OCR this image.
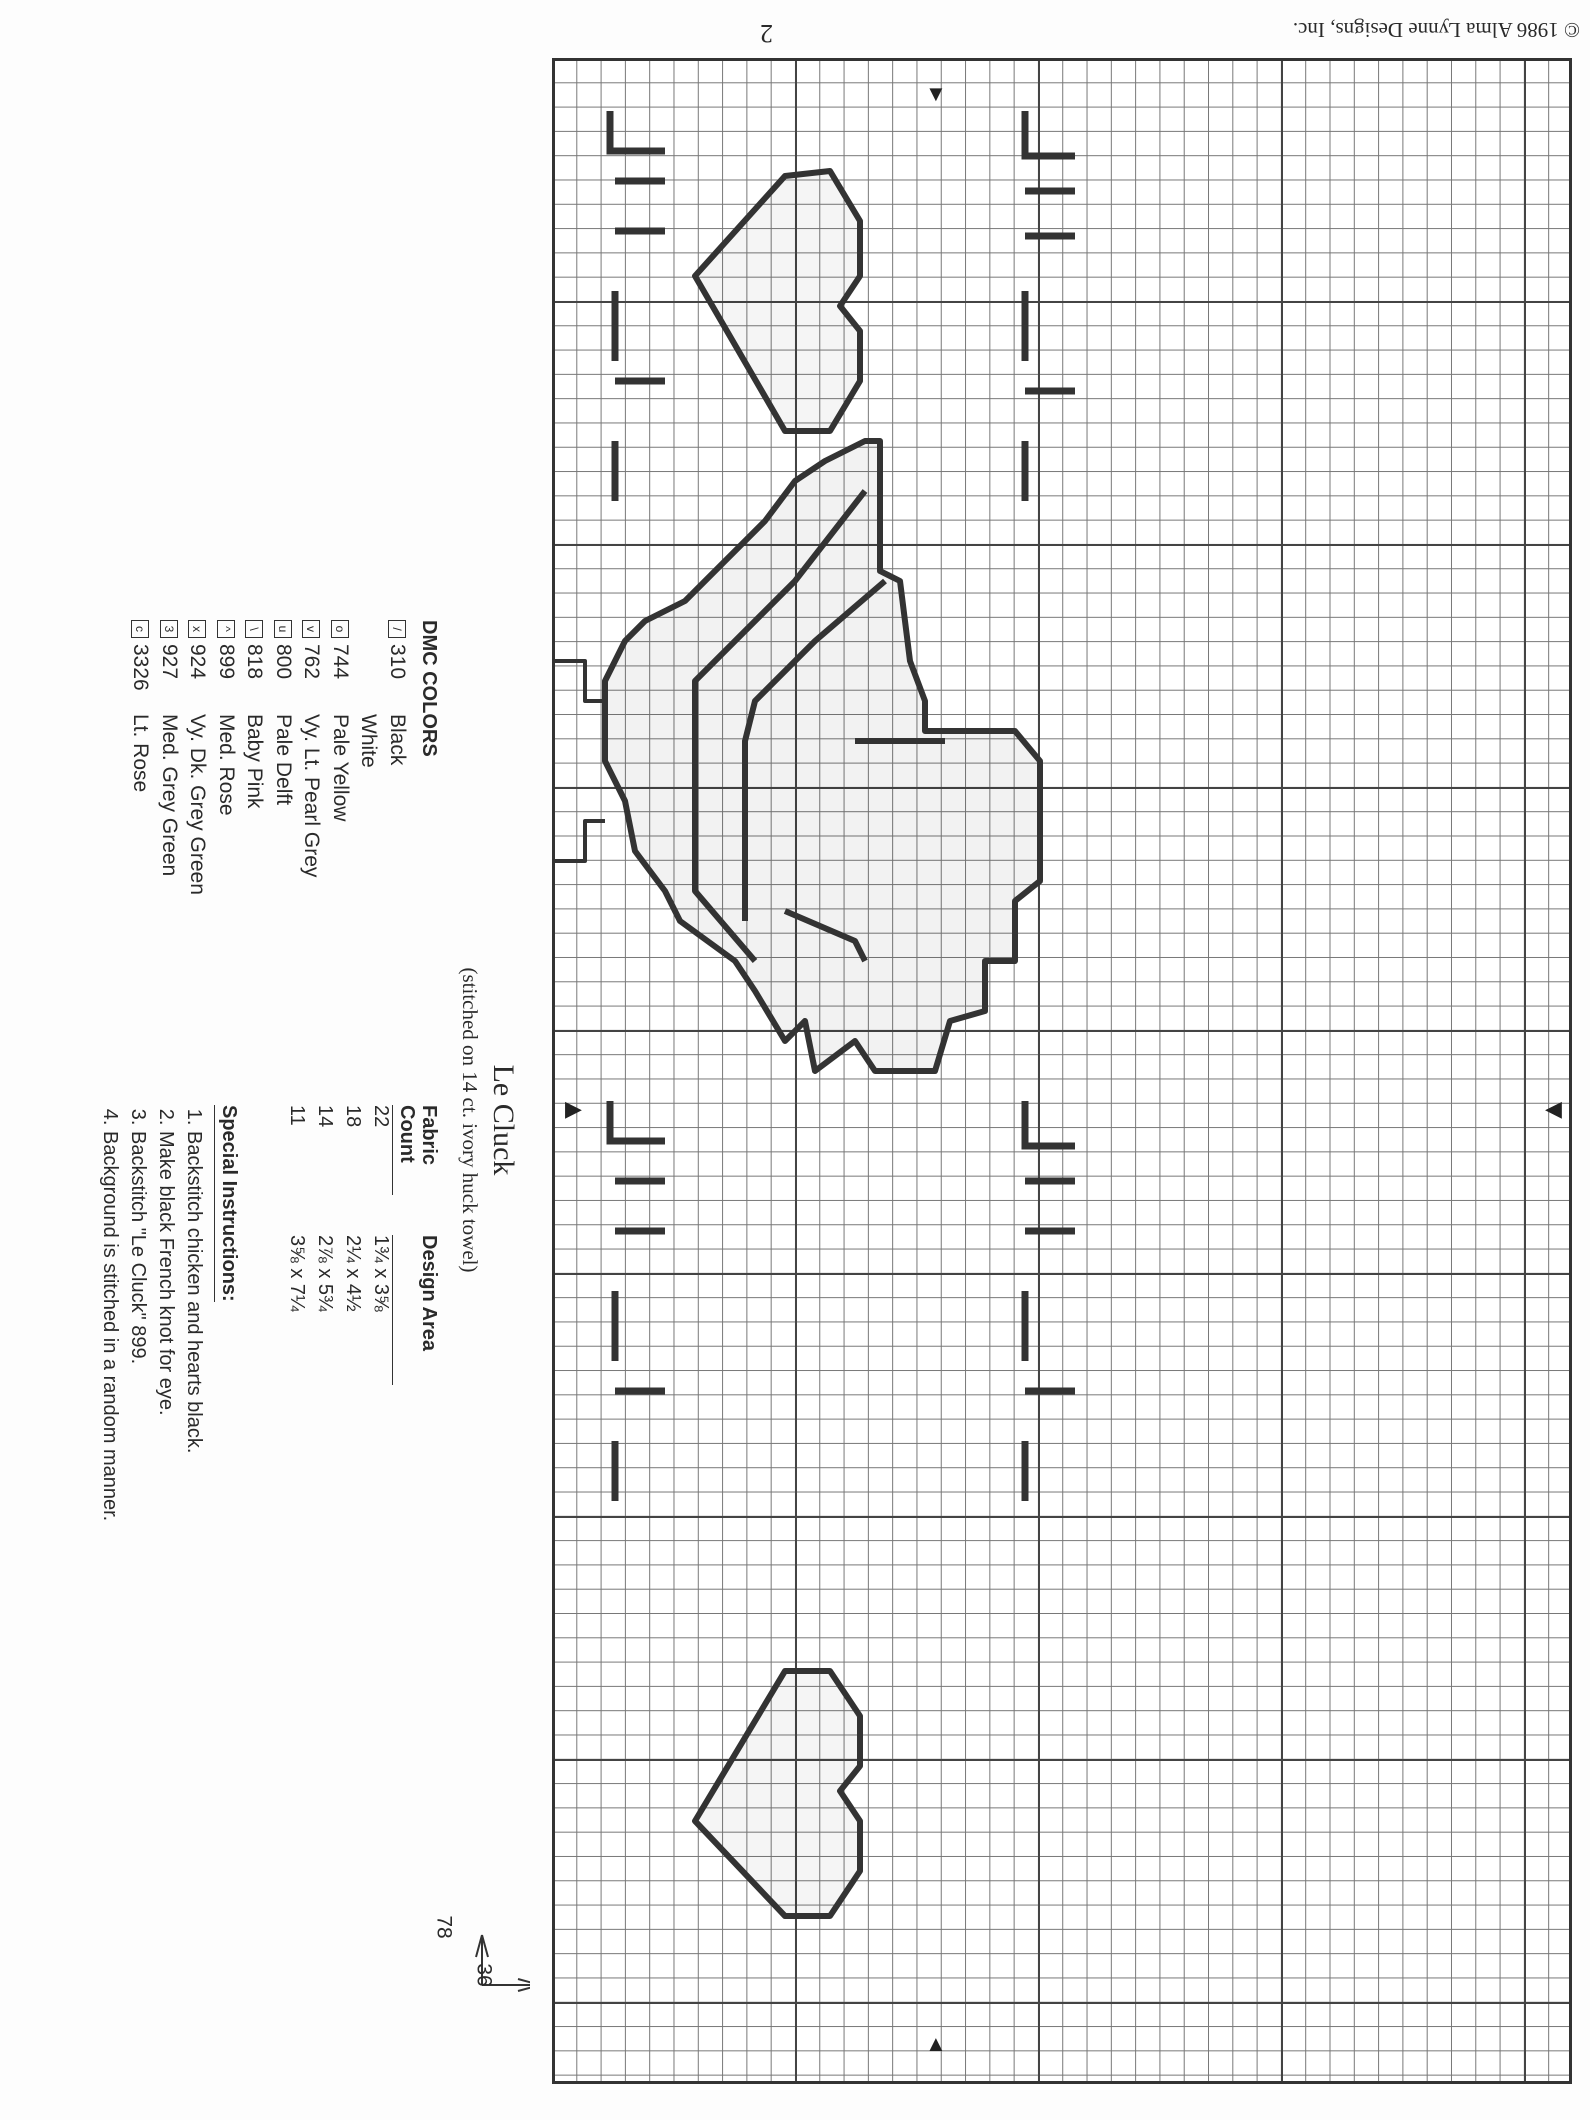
© 1986 Alma Lynne Designs, Inc.
2
▼
▲
▶	◀
Le Cluck
(stitched on 14 ct. ivory huck towel)
DMC COLORS
/
310
Black
White
o
744
Pale Yellow
v
762
Vy. Lt. Pearl Grey
u
800
Pale Delft
\
818
Baby Pink
^
899
Med. Rose
x
924
Vy. Dk. Grey Green
3
927
Med. Grey Green
c
3326
Lt. Rose
Fabric Count
Design Area
22
1¾ x 3⅝
18
2¼ x 4½
14
2⅞ x 5¾
11
3⅝ x 7¼
Special Instructions:
1. Backstitch chicken and hearts black.
2. Make black French knot for eye.
3. Backstitch "Le Cluck" 899.
4. Background is stitched in a random manner.
36
78
